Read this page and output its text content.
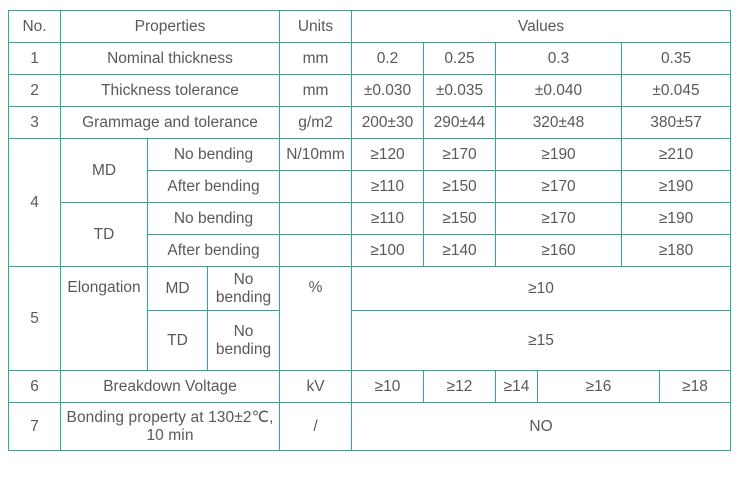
No.	Properties			Units	Values						
1	Nominal thickness			mm	0.2	0.25	0.3		0.35	
2	Thickness tolerance			mm	±0.030	±0.035	±0.040		±0.045	
3	Grammage and tolerance			g/m2	200±30	290±44	320±48		380±57	
4	MD	No bending		N/10mm	≥120	≥170	≥190		≥210	
		After bending			≥110	≥150	≥170		≥190	
	TD	No bending			≥110	≥150	≥170		≥190	
		After bending			≥100	≥140	≥160		≥180	
5	Elongation	MD	No bending	%	≥10						
		TD	No bending		≥15						
6	Breakdown Voltage			kV	≥10	≥12	≥14	≥16		≥18	
7	Bonding property at 130±2℃, 10 min			/	NO						
